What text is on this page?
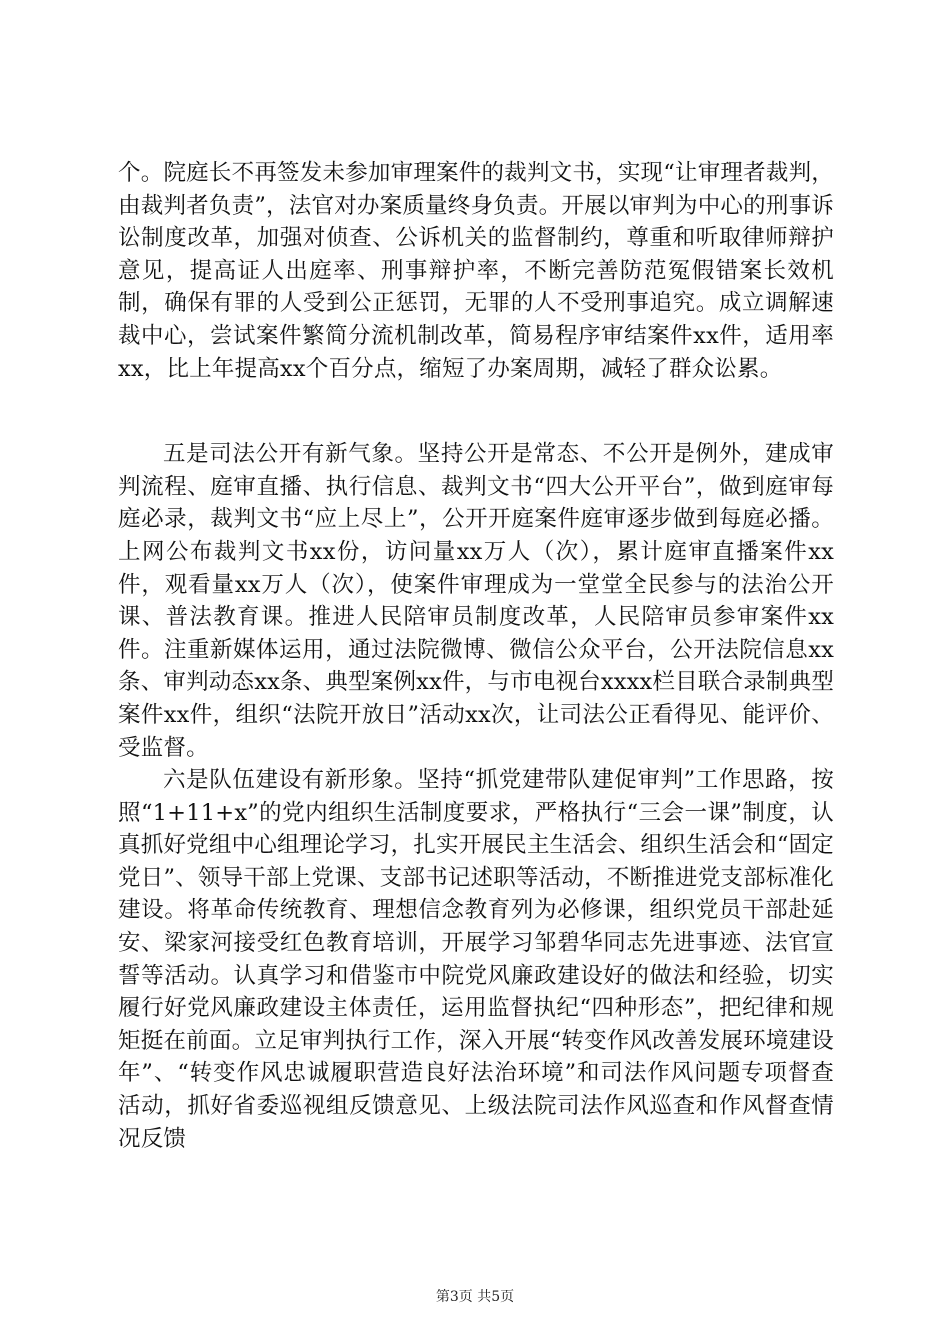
个。院庭长不再签发未参加审理案件的裁判文书，实现“让审理者裁判，由裁判者负责”，法官对办案质量终身负责。开展以审判为中心的刑事诉讼制度改革，加强对侦查、公诉机关的监督制约，尊重和听取律师辩护意见，提高证人出庭率、刑事辩护率，不断完善防范冤假错案长效机制，确保有罪的人受到公正惩罚，无罪的人不受刑事追究。成立调解速裁中心，尝试案件繁简分流机制改革，简易程序审结案件xx件，适用率xx，比上年提高xx个百分点，缩短了办案周期，减轻了群众讼累。

五是司法公开有新气象。坚持公开是常态、不公开是例外，建成审判流程、庭审直播、执行信息、裁判文书“四大公开平台”，做到庭审每庭必录，裁判文书“应上尽上”，公开开庭案件庭审逐步做到每庭必播。上网公布裁判文书xx份，访问量xx万人（次），累计庭审直播案件xx件，观看量xx万人（次），使案件审理成为一堂堂全民参与的法治公开课、普法教育课。推进人民陪审员制度改革，人民陪审员参审案件xx件。注重新媒体运用，通过法院微博、微信公众平台，公开法院信息xx条、审判动态xx条、典型案例xx件，与市电视台xxxx栏目联合录制典型案件xx件，组织“法院开放日”活动xx次，让司法公正看得见、能评价、受监督。

六是队伍建设有新形象。坚持“抓党建带队建促审判”工作思路，按照“1+11+x”的党内组织生活制度要求，严格执行“三会一课”制度，认真抓好党组中心组理论学习，扎实开展民主生活会、组织生活会和“固定党日”、领导干部上党课、支部书记述职等活动，不断推进党支部标准化建设。将革命传统教育、理想信念教育列为必修课，组织党员干部赴延安、梁家河接受红色教育培训，开展学习邹碧华同志先进事迹、法官宣誓等活动。认真学习和借鉴市中院党风廉政建设好的做法和经验，切实履行好党风廉政建设主体责任，运用监督执纪“四种形态”，把纪律和规矩挺在前面。立足审判执行工作，深入开展“转变作风改善发展环境建设年”、“转变作风忠诚履职营造良好法治环境”和司法作风问题专项督查活动，抓好省委巡视组反馈意见、上级法院司法作风巡查和作风督查情况反馈

第3页 共5页
